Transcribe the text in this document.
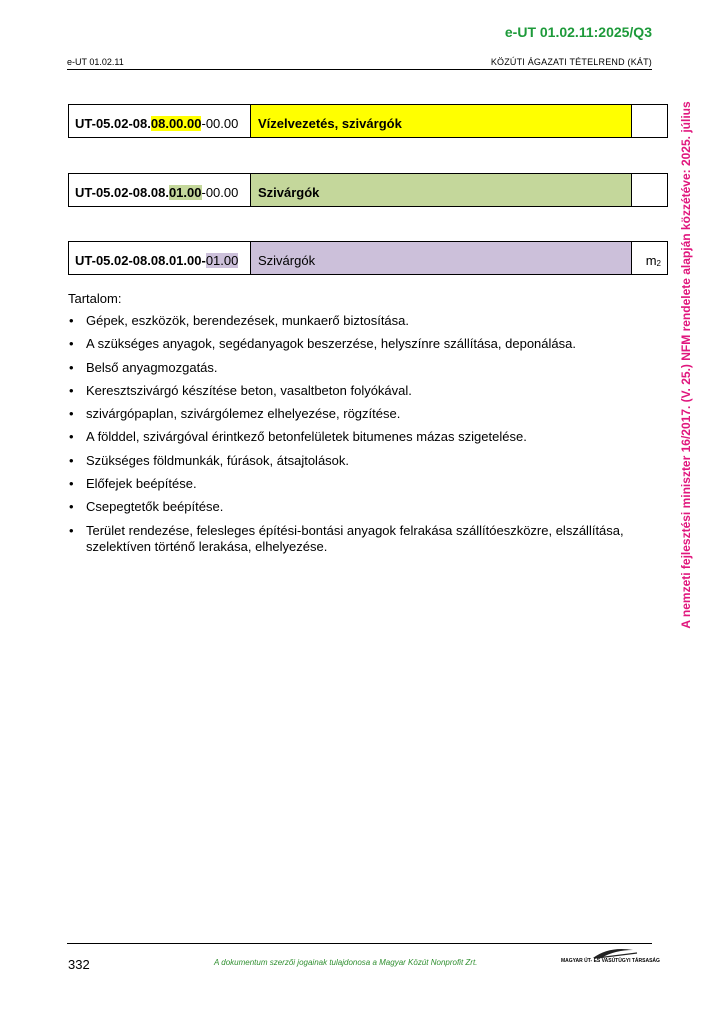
e-UT 01.02.11:2025/Q3
e-UT 01.02.11	KÖZÚTI ÁGAZATI TÉTELREND (KÁT)
A nemzeti fejlesztési miniszter 16/2017. (V. 25.) NFM rendelete alapján közzétéve: 2025. július
UT-05.02-08. 08.00.00 -00.00	Vízelvezetés, szivárgók
UT-05.02-08.08. 01.00 -00.00	Szivárgók
UT-05.02-08.08.01.00- 01.00	Szivárgók	$m_2$
Tartalom:
• Gépek, eszközök, berendezések, munkaerő biztosítása.
• A szükséges anyagok, segédanyagok beszerzése, helyszínre szállítása, deponálása.
• Belső anyagmozgatás.
• Keresztszivárgó készítése beton, vasaltbeton folyókával.
• szivárgópaplan, szivárgólemez elhelyezése, rögzítése.
• A földdel, szivárgóval érintkező betonfelületek bitumenes mázas szigetelése.
• Szükséges földmunkák, fúrások, átsajtolások.
• Előfejek beépítése.
• Csepegtetők beépítése.
• Terület rendezése, felesleges építési-bontási anyagok felrakása szállítóeszközre, elszállítása, szelektíven történő lerakása, elhelyezése.
332	A dokumentum szerzői jogainak tulajdonosa a Magyar Közút Nonprofit Zrt.	MAGYAR ÚT- ÉS VASÚTÜGYI TÁRSASÁG
